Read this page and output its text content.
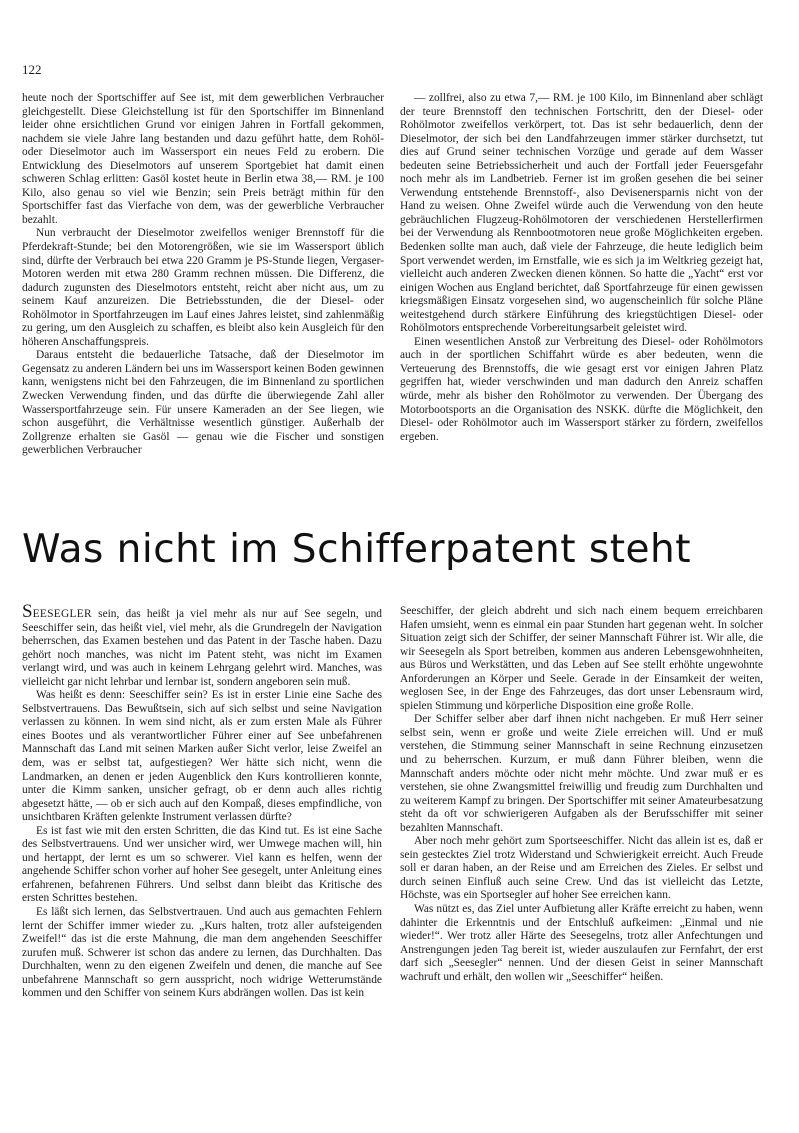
122

heute noch der Sportschiffer auf See ist, mit dem gewerblichen Verbraucher gleichgestellt. Diese Gleichstellung ist für den Sportschiffer im Binnenland leider ohne ersichtlichen Grund vor einigen Jahren in Fortfall gekommen, nachdem sie viele Jahre lang bestanden und dazu geführt hatte, dem Rohöl- oder Dieselmotor auch im Wassersport ein neues Feld zu erobern. Die Entwicklung des Dieselmotors auf unserem Sportgebiet hat damit einen schweren Schlag erlitten: Gasöl kostet heute in Berlin etwa 38,— RM. je 100 Kilo, also genau so viel wie Benzin; sein Preis beträgt mithin für den Sportschiffer fast das Vierfache von dem, was der gewerbliche Verbraucher bezahlt.

Nun verbraucht der Dieselmotor zweifellos weniger Brennstoff für die Pferdekraft-Stunde; bei den Motorengrößen, wie sie im Wassersport üblich sind, dürfte der Verbrauch bei etwa 220 Gramm je PS-Stunde liegen, Vergaser-Motoren werden mit etwa 280 Gramm rechnen müssen. Die Differenz, die dadurch zugunsten des Dieselmotors entsteht, reicht aber nicht aus, um zu seinem Kauf anzureizen. Die Betriebsstunden, die der Diesel- oder Rohölmotor in Sportfahrzeugen im Lauf eines Jahres leistet, sind zahlenmäßig zu gering, um den Ausgleich zu schaffen, es bleibt also kein Ausgleich für den höheren Anschaffungspreis.

Daraus entsteht die bedauerliche Tatsache, daß der Dieselmotor im Gegensatz zu anderen Ländern bei uns im Wassersport keinen Boden gewinnen kann, wenigstens nicht bei den Fahrzeugen, die im Binnenland zu sportlichen Zwecken Verwendung finden, und das dürfte die überwiegende Zahl aller Wassersportfahrzeuge sein. Für unsere Kameraden an der See liegen, wie schon ausgeführt, die Verhältnisse wesentlich günstiger. Außerhalb der Zollgrenze erhalten sie Gasöl — genau wie die Fischer und sonstigen gewerblichen Verbraucher

— zollfrei, also zu etwa 7,— RM. je 100 Kilo, im Binnenland aber schlägt der teure Brennstoff den technischen Fortschritt, den der Diesel- oder Rohölmotor zweifellos verkörpert, tot. Das ist sehr bedauerlich, denn der Dieselmotor, der sich bei den Landfahrzeugen immer stärker durchsetzt, tut dies auf Grund seiner technischen Vorzüge und gerade auf dem Wasser bedeuten seine Betriebssicherheit und auch der Fortfall jeder Feuersgefahr noch mehr als im Landbetrieb. Ferner ist im großen gesehen die bei seiner Verwendung entstehende Brennstoff-, also Devisenersparnis nicht von der Hand zu weisen. Ohne Zweifel würde auch die Verwendung von den heute gebräuchlichen Flugzeug-Rohölmotoren der verschiedenen Herstellerfirmen bei der Verwendung als Rennbootmotoren neue große Möglichkeiten ergeben. Bedenken sollte man auch, daß viele der Fahrzeuge, die heute lediglich beim Sport verwendet werden, im Ernstfalle, wie es sich ja im Weltkrieg gezeigt hat, vielleicht auch anderen Zwecken dienen können. So hatte die „Yacht“ erst vor einigen Wochen aus England berichtet, daß Sportfahrzeuge für einen gewissen kriegsmäßigen Einsatz vorgesehen sind, wo augenscheinlich für solche Pläne weitestgehend durch stärkere Einführung des kriegstüchtigen Diesel- oder Rohölmotors entsprechende Vorbereitungsarbeit geleistet wird.

Einen wesentlichen Anstoß zur Verbreitung des Diesel- oder Rohölmotors auch in der sportlichen Schiffahrt würde es aber bedeuten, wenn die Verteuerung des Brennstoffs, die wie gesagt erst vor einigen Jahren Platz gegriffen hat, wieder verschwinden und man dadurch den Anreiz schaffen würde, mehr als bisher den Rohölmotor zu verwenden. Der Übergang des Motorbootsports an die Organisation des NSKK. dürfte die Möglichkeit, den Diesel- oder Rohölmotor auch im Wassersport stärker zu fördern, zweifellos ergeben.

Was nicht im Schifferpatent steht

SEESEGLER sein, das heißt ja viel mehr als nur auf See segeln, und Seeschiffer sein, das heißt viel, viel mehr, als die Grundregeln der Navigation beherrschen, das Examen bestehen und das Patent in der Tasche haben. Dazu gehört noch manches, was nicht im Patent steht, was nicht im Examen verlangt wird, und was auch in keinem Lehrgang gelehrt wird. Manches, was vielleicht gar nicht lehrbar und lernbar ist, sondern angeboren sein muß.

Was heißt es denn: Seeschiffer sein? Es ist in erster Linie eine Sache des Selbstvertrauens. Das Bewußtsein, sich auf sich selbst und seine Navigation verlassen zu können. In wem sind nicht, als er zum ersten Male als Führer eines Bootes und als verantwortlicher Führer einer auf See unbefahrenen Mannschaft das Land mit seinen Marken außer Sicht verlor, leise Zweifel an dem, was er selbst tat, aufgestiegen? Wer hätte sich nicht, wenn die Landmarken, an denen er jeden Augenblick den Kurs kontrollieren konnte, unter die Kimm sanken, unsicher gefragt, ob er denn auch alles richtig abgesetzt hätte, — ob er sich auch auf den Kompaß, dieses empfindliche, von unsichtbaren Kräften gelenkte Instrument verlassen dürfte?

Es ist fast wie mit den ersten Schritten, die das Kind tut. Es ist eine Sache des Selbstvertrauens. Und wer unsicher wird, wer Umwege machen will, hin und hertappt, der lernt es um so schwerer. Viel kann es helfen, wenn der angehende Schiffer schon vorher auf hoher See gesegelt, unter Anleitung eines erfahrenen, befahrenen Führers. Und selbst dann bleibt das Kritische des ersten Schrittes bestehen.

Es läßt sich lernen, das Selbstvertrauen. Und auch aus gemachten Fehlern lernt der Schiffer immer wieder zu. „Kurs halten, trotz aller aufsteigenden Zweifel!“ das ist die erste Mahnung, die man dem angehenden Seeschiffer zurufen muß. Schwerer ist schon das andere zu lernen, das Durchhalten. Das Durchhalten, wenn zu den eigenen Zweifeln und denen, die manche auf See unbefahrene Mannschaft so gern ausspricht, noch widrige Wetterumstände kommen und den Schiffer von seinem Kurs abdrängen wollen. Das ist kein

Seeschiffer, der gleich abdreht und sich nach einem bequem erreichbaren Hafen umsieht, wenn es einmal ein paar Stunden hart gegenan weht. In solcher Situation zeigt sich der Schiffer, der seiner Mannschaft Führer ist. Wir alle, die wir Seesegeln als Sport betreiben, kommen aus anderen Lebensgewohnheiten, aus Büros und Werkstätten, und das Leben auf See stellt erhöhte ungewohnte Anforderungen an Körper und Seele. Gerade in der Einsamkeit der weiten, weglosen See, in der Enge des Fahrzeuges, das dort unser Lebensraum wird, spielen Stimmung und körperliche Disposition eine große Rolle.

Der Schiffer selber aber darf ihnen nicht nachgeben. Er muß Herr seiner selbst sein, wenn er große und weite Ziele erreichen will. Und er muß verstehen, die Stimmung seiner Mannschaft in seine Rechnung einzusetzen und zu beherrschen. Kurzum, er muß dann Führer bleiben, wenn die Mannschaft anders möchte oder nicht mehr möchte. Und zwar muß er es verstehen, sie ohne Zwangsmittel freiwillig und freudig zum Durchhalten und zu weiterem Kampf zu bringen. Der Sportschiffer mit seiner Amateurbesatzung steht da oft vor schwierigeren Aufgaben als der Berufsschiffer mit seiner bezahlten Mannschaft.

Aber noch mehr gehört zum Sportseeschiffer. Nicht das allein ist es, daß er sein gestecktes Ziel trotz Widerstand und Schwierigkeit erreicht. Auch Freude soll er daran haben, an der Reise und am Erreichen des Zieles. Er selbst und durch seinen Einfluß auch seine Crew. Und das ist vielleicht das Letzte, Höchste, was ein Sportsegler auf hoher See erreichen kann.

Was nützt es, das Ziel unter Aufbietung aller Kräfte erreicht zu haben, wenn dahinter die Erkenntnis und der Entschluß aufkeimen: „Einmal und nie wieder!“. Wer trotz aller Härte des Seesegelns, trotz aller Anfechtungen und Anstrengungen jeden Tag bereit ist, wieder auszulaufen zur Fernfahrt, der erst darf sich „Seesegler“ nennen. Und der diesen Geist in seiner Mannschaft wachruft und erhält, den wollen wir „Seeschiffer“ heißen.
